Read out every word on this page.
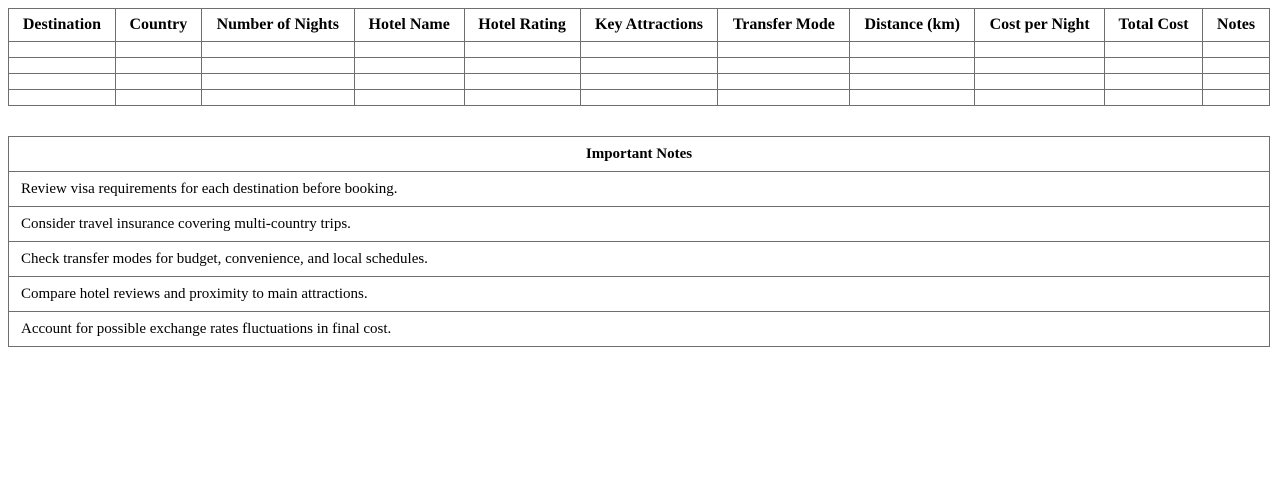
Destination	Country	Number of Nights	Hotel Name	Hotel Rating	Key Attractions	Transfer Mode	Distance (km)	Cost per Night	Total Cost	Notes

Important Notes
Review visa requirements for each destination before booking.
Consider travel insurance covering multi-country trips.
Check transfer modes for budget, convenience, and local schedules.
Compare hotel reviews and proximity to main attractions.
Account for possible exchange rates fluctuations in final cost.
